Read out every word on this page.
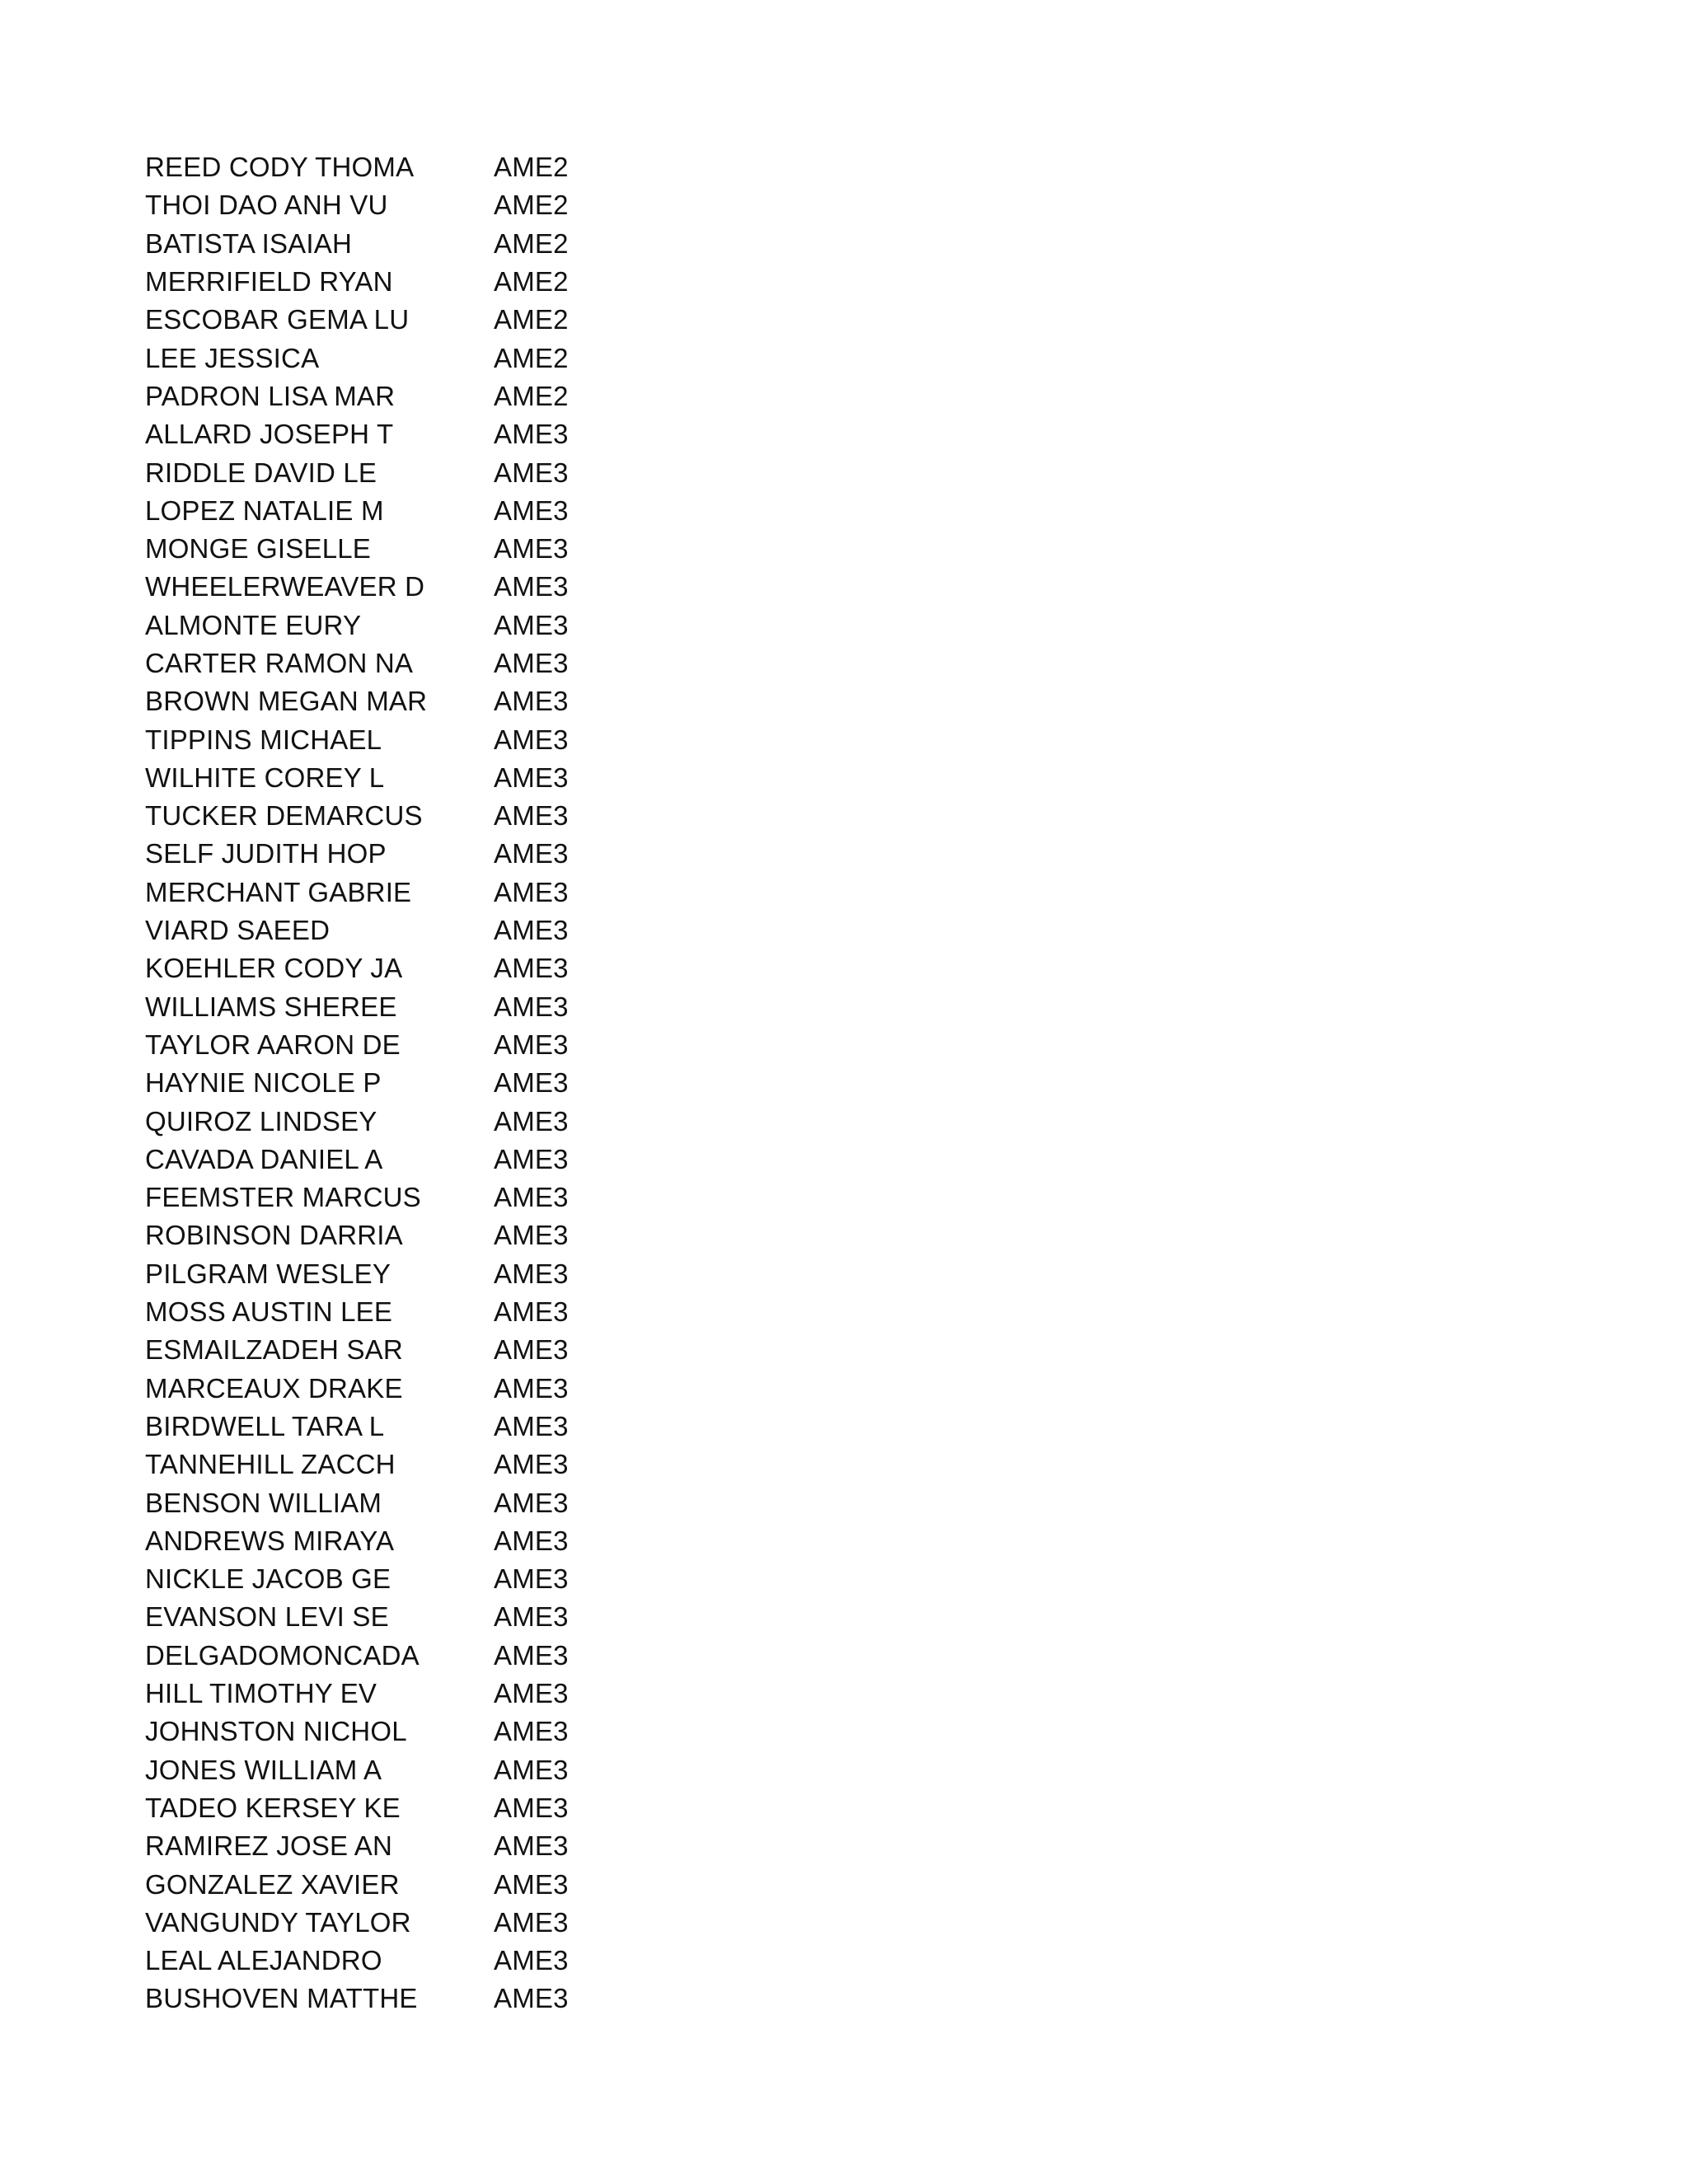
REED CODY THOMA	AME2
THOI DAO ANH VU	AME2
BATISTA ISAIAH	AME2
MERRIFIELD RYAN	AME2
ESCOBAR GEMA LU	AME2
LEE JESSICA	AME2
PADRON LISA MAR	AME2
ALLARD JOSEPH T	AME3
RIDDLE DAVID LE	AME3
LOPEZ NATALIE M	AME3
MONGE GISELLE	AME3
WHEELERWEAVER D	AME3
ALMONTE EURY	AME3
CARTER RAMON NA	AME3
BROWN MEGAN MAR	AME3
TIPPINS MICHAEL	AME3
WILHITE COREY L	AME3
TUCKER DEMARCUS	AME3
SELF JUDITH HOP	AME3
MERCHANT GABRIE	AME3
VIARD SAEED	AME3
KOEHLER CODY JA	AME3
WILLIAMS SHEREE	AME3
TAYLOR AARON DE	AME3
HAYNIE NICOLE P	AME3
QUIROZ LINDSEY	AME3
CAVADA DANIEL A	AME3
FEEMSTER MARCUS	AME3
ROBINSON DARRIA	AME3
PILGRAM WESLEY	AME3
MOSS AUSTIN LEE	AME3
ESMAILZADEH SAR	AME3
MARCEAUX DRAKE	AME3
BIRDWELL TARA L	AME3
TANNEHILL ZACCH	AME3
BENSON WILLIAM	AME3
ANDREWS MIRAYA	AME3
NICKLE JACOB GE	AME3
EVANSON LEVI SE	AME3
DELGADOMONCADA	AME3
HILL TIMOTHY EV	AME3
JOHNSTON NICHOL	AME3
JONES WILLIAM A	AME3
TADEO KERSEY KE	AME3
RAMIREZ JOSE AN	AME3
GONZALEZ XAVIER	AME3
VANGUNDY TAYLOR	AME3
LEAL ALEJANDRO	AME3
BUSHOVEN MATTHE	AME3
